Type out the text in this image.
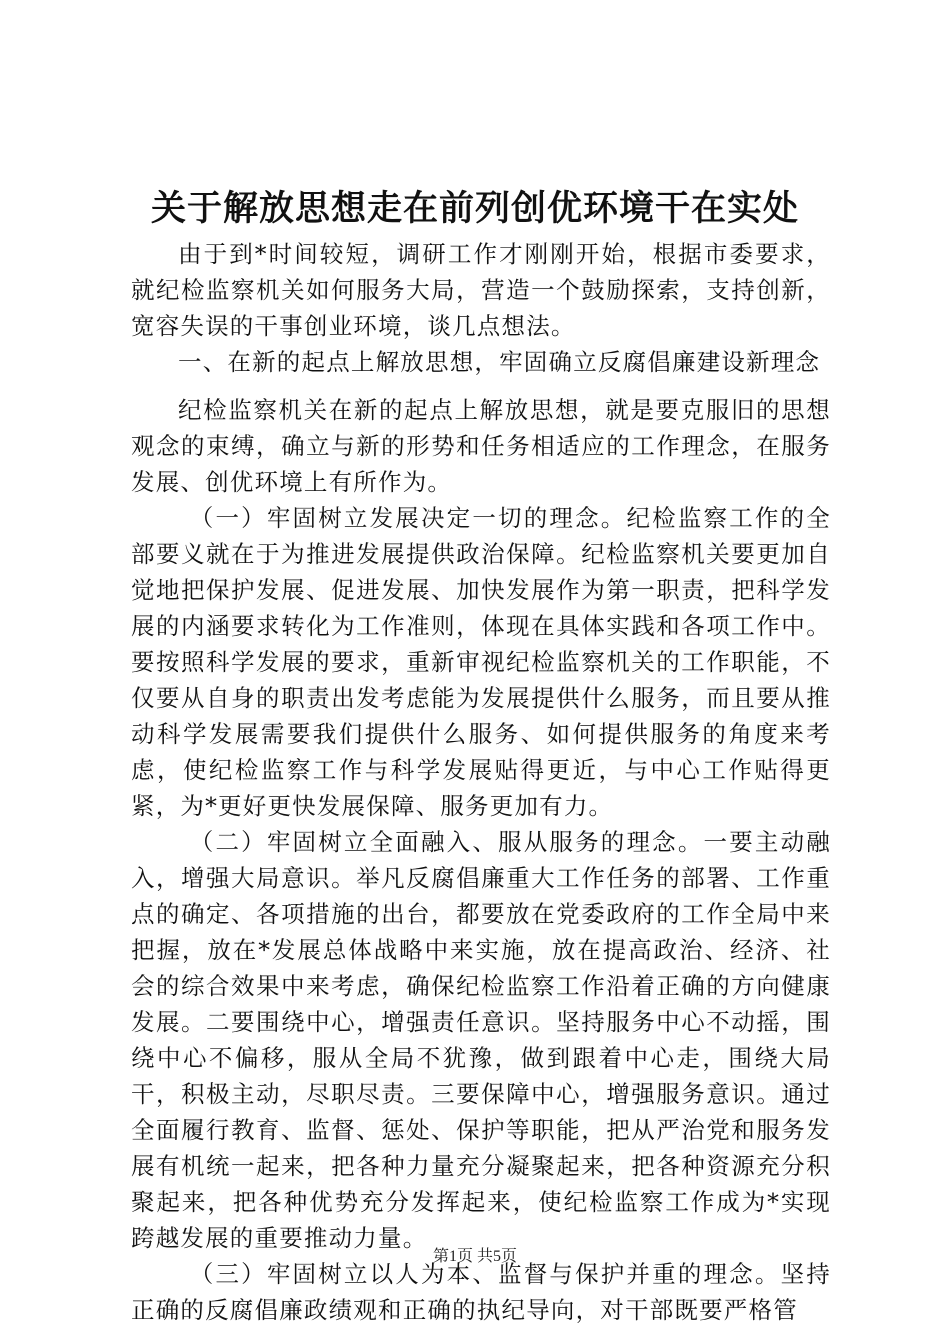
关于解放思想走在前列创优环境干在实处

由于到*时间较短，调研工作才刚刚开始，根据市委要求，就纪检监察机关如何服务大局，营造一个鼓励探索，支持创新，宽容失误的干事创业环境，谈几点想法。

一、在新的起点上解放思想，牢固确立反腐倡廉建设新理念

纪检监察机关在新的起点上解放思想，就是要克服旧的思想观念的束缚，确立与新的形势和任务相适应的工作理念，在服务发展、创优环境上有所作为。

（一）牢固树立发展决定一切的理念。纪检监察工作的全部要义就在于为推进发展提供政治保障。纪检监察机关要更加自觉地把保护发展、促进发展、加快发展作为第一职责，把科学发展的内涵要求转化为工作准则，体现在具体实践和各项工作中。要按照科学发展的要求，重新审视纪检监察机关的工作职能，不仅要从自身的职责出发考虑能为发展提供什么服务，而且要从推动科学发展需要我们提供什么服务、如何提供服务的角度来考虑，使纪检监察工作与科学发展贴得更近，与中心工作贴得更紧，为*更好更快发展保障、服务更加有力。

（二）牢固树立全面融入、服从服务的理念。一要主动融入，增强大局意识。举凡反腐倡廉重大工作任务的部署、工作重点的确定、各项措施的出台，都要放在党委政府的工作全局中来把握，放在*发展总体战略中来实施，放在提高政治、经济、社会的综合效果中来考虑，确保纪检监察工作沿着正确的方向健康发展。二要围绕中心，增强责任意识。坚持服务中心不动摇，围绕中心不偏移，服从全局不犹豫，做到跟着中心走，围绕大局干，积极主动，尽职尽责。三要保障中心，增强服务意识。通过全面履行教育、监督、惩处、保护等职能，把从严治党和服务发展有机统一起来，把各种力量充分凝聚起来，把各种资源充分积聚起来，把各种优势充分发挥起来，使纪检监察工作成为*实现跨越发展的重要推动力量。

（三）牢固树立以人为本、监督与保护并重的理念。坚持正确的反腐倡廉政绩观和正确的执纪导向，对干部既要严格管

第1页 共5页
